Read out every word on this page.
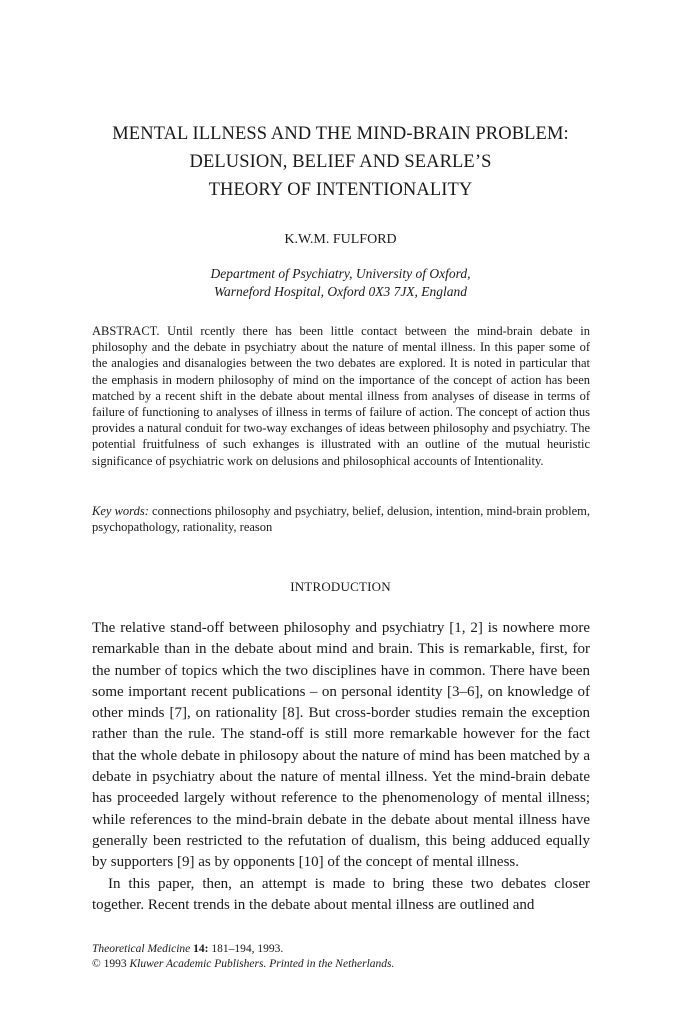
MENTAL ILLNESS AND THE MIND-BRAIN PROBLEM:
DELUSION, BELIEF AND SEARLE’S
THEORY OF INTENTIONALITY
K.W.M. FULFORD
Department of Psychiatry, University of Oxford,
Warneford Hospital, Oxford 0X3 7JX, England
ABSTRACT. Until rcently there has been little contact between the mind-brain debate in philosophy and the debate in psychiatry about the nature of mental illness. In this paper some of the analogies and disanalogies between the two debates are explored. It is noted in particular that the emphasis in modern philosophy of mind on the importance of the concept of action has been matched by a recent shift in the debate about mental illness from analyses of disease in terms of failure of functioning to analyses of illness in terms of failure of action. The concept of action thus provides a natural conduit for two-way exchanges of ideas between philosophy and psychiatry. The potential fruitfulness of such exhanges is illustrated with an outline of the mutual heuristic significance of psychiatric work on delusions and philosophical accounts of Intentionality.
Key words: connections philosophy and psychiatry, belief, delusion, intention, mind-brain problem, psychopathology, rationality, reason
INTRODUCTION

The relative stand-off between philosophy and psychiatry [1, 2] is nowhere more remarkable than in the debate about mind and brain. This is remarkable, first, for the number of topics which the two disciplines have in common. There have been some important recent publications – on personal identity [3–6], on knowledge of other minds [7], on rationality [8]. But cross-border studies remain the exception rather than the rule. The stand-off is still more remarkable however for the fact that the whole debate in philosopy about the nature of mind has been matched by a debate in psychiatry about the nature of mental illness. Yet the mind-brain debate has proceeded largely without reference to the phenomenology of mental illness; while references to the mind-brain debate in the debate about mental illness have generally been restricted to the refutation of dualism, this being adduced equally by supporters [9] as by opponents [10] of the concept of mental illness.

In this paper, then, an attempt is made to bring these two debates closer together. Recent trends in the debate about mental illness are outlined and

Theoretical Medicine 14: 181–194, 1993.
© 1993 Kluwer Academic Publishers. Printed in the Netherlands.
